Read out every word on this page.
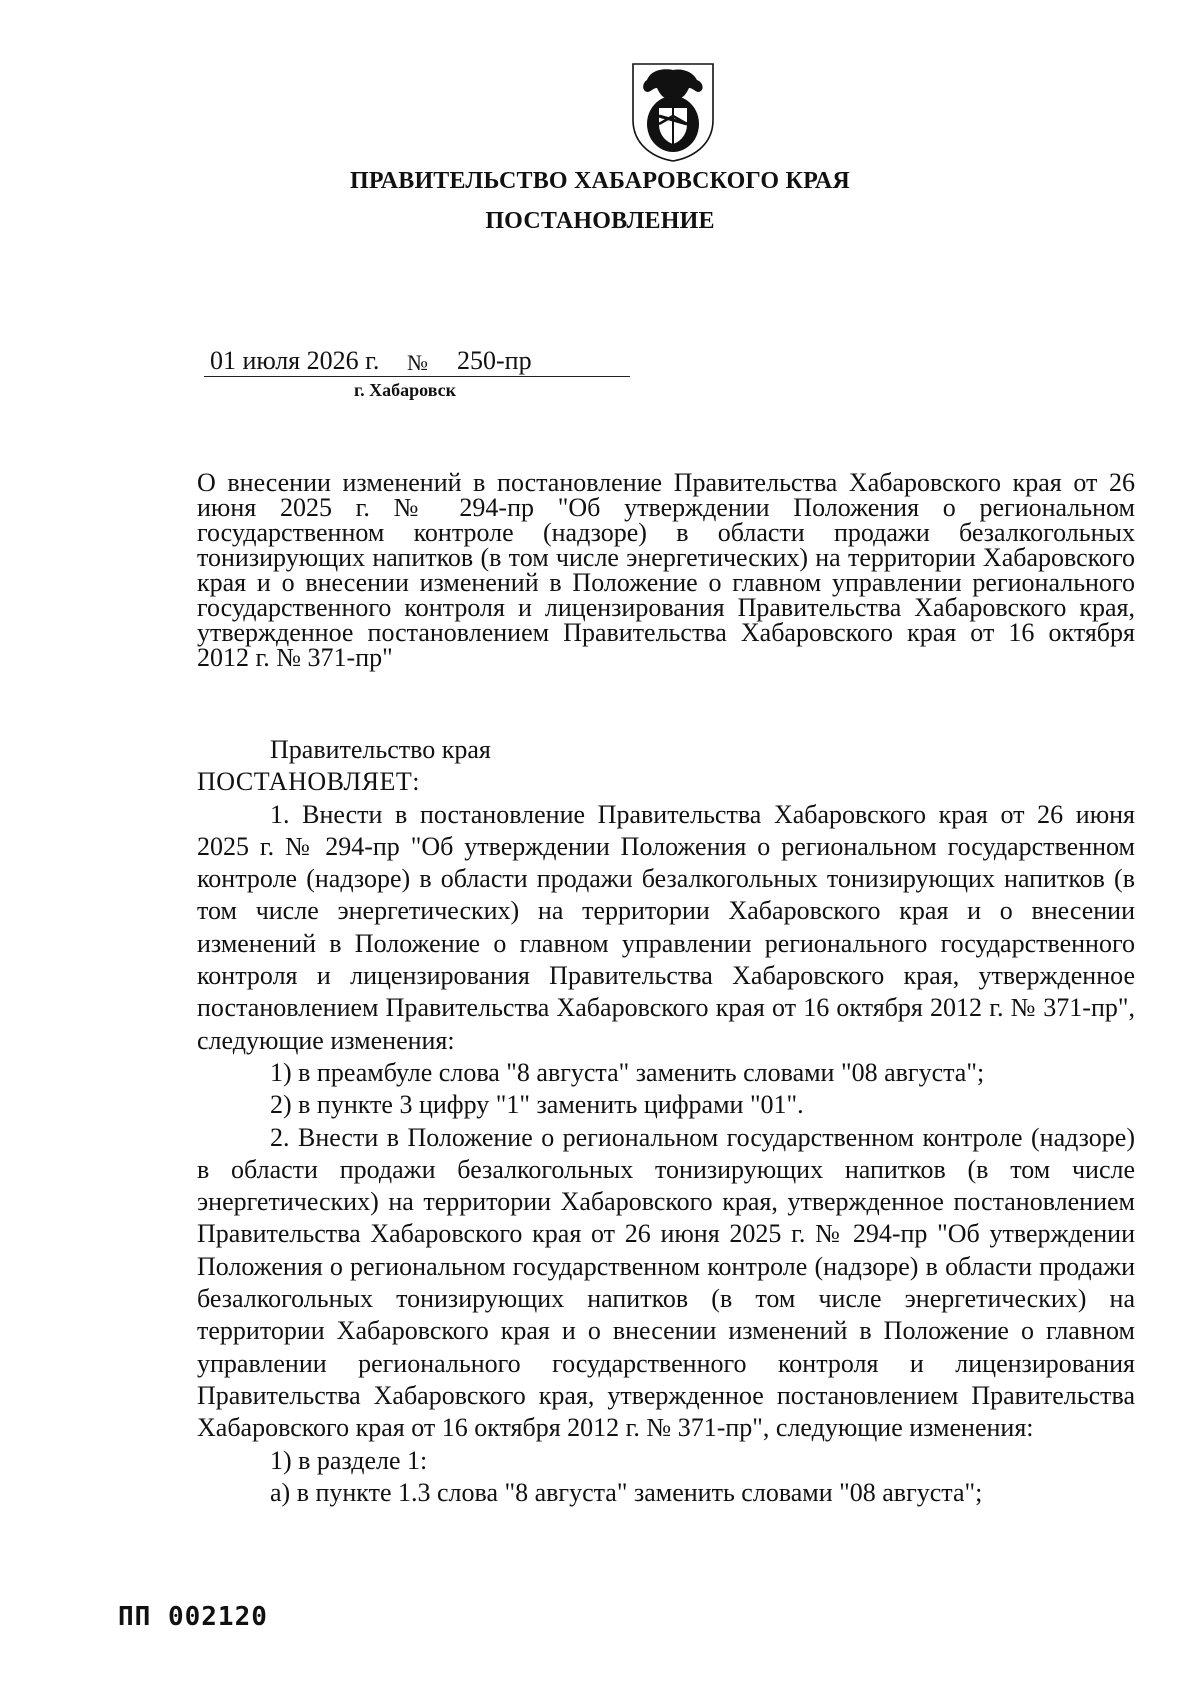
ПРАВИТЕЛЬСТВО ХАБАРОВСКОГО КРАЯ
ПОСТАНОВЛЕНИЕ
01 июля 2026 г. № 250-пр
г. Хабаровск
О внесении изменений в постановление Правительства Хабаровского края от 26 июня 2025 г. № 294-пр "Об утверждении Положения о региональном государственном контроле (надзоре) в области продажи безалкогольных тонизирующих напитков (в том числе энергетических) на территории Хабаровского края и о внесении изменений в Положение о главном управлении регионального государственного контроля и лицензирования Правительства Хабаровского края, утвержденное постановлением Правительства Хабаровского края от 16 октября 2012 г. № 371-пр"

Правительство края

ПОСТАНОВЛЯЕТ:

1. Внести в постановление Правительства Хабаровского края от 26 июня 2025 г. № 294-пр "Об утверждении Положения о региональном государственном контроле (надзоре) в области продажи безалкогольных тонизирующих напитков (в том числе энергетических) на территории Хабаровского края и о внесении изменений в Положение о главном управлении регионального государственного контроля и лицензирования Правительства Хабаровского края, утвержденное постановлением Правительства Хабаровского края от 16 октября 2012 г. № 371-пр", следующие изменения:

1) в преамбуле слова "8 августа" заменить словами "08 августа";

2) в пункте 3 цифру "1" заменить цифрами "01".

2. Внести в Положение о региональном государственном контроле (надзоре) в области продажи безалкогольных тонизирующих напитков (в том числе энергетических) на территории Хабаровского края, утвержденное постановлением Правительства Хабаровского края от 26 июня 2025 г. № 294-пр "Об утверждении Положения о региональном государственном контроле (надзоре) в области продажи безалкогольных тонизирующих напитков (в том числе энергетических) на территории Хабаровского края и о внесении изменений в Положение о главном управлении регионального государственного контроля и лицензирования Правительства Хабаровского края, утвержденное постановлением Правительства Хабаровского края от 16 октября 2012 г. № 371-пр", следующие изменения:

1) в разделе 1:

а) в пункте 1.3 слова "8 августа" заменить словами "08 августа";

ПП 002120
